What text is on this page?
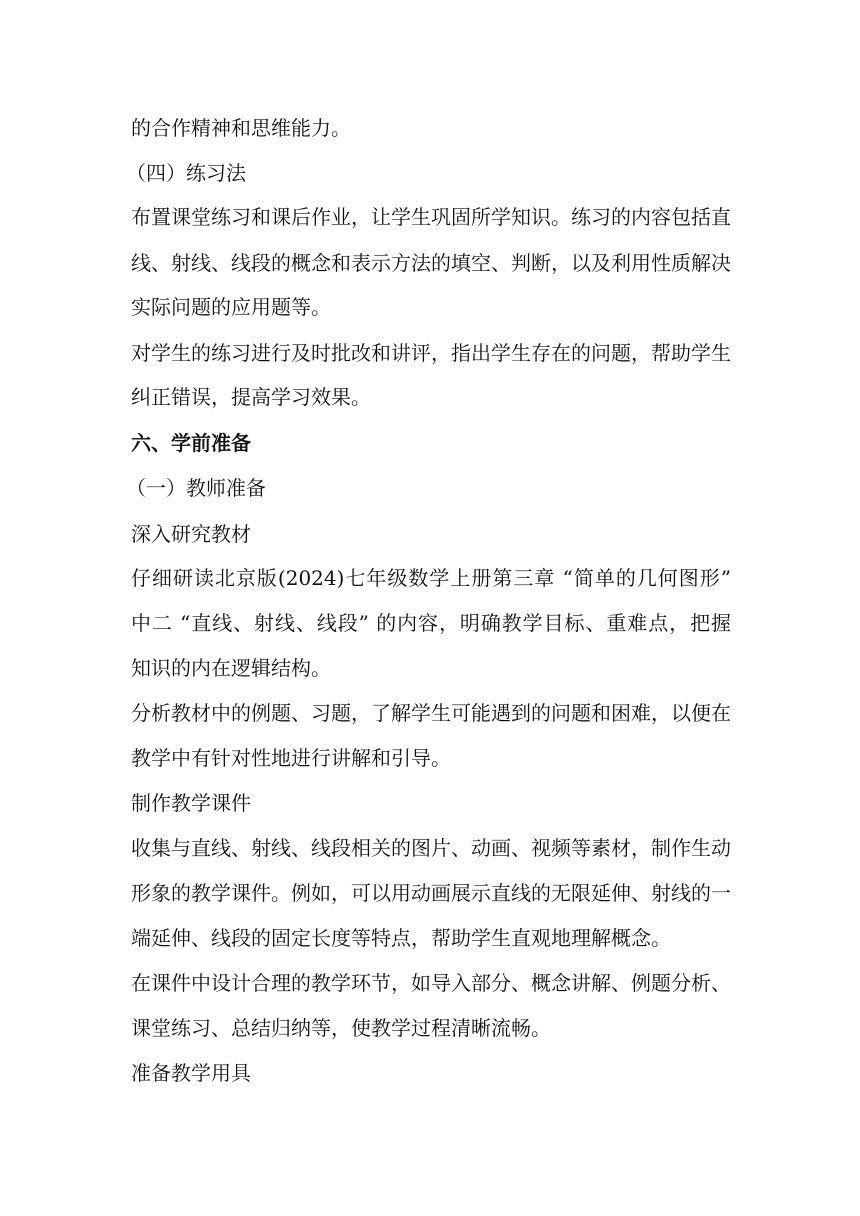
的合作精神和思维能力。
（四）练习法
布置课堂练习和课后作业，让学生巩固所学知识。练习的内容包括直
线、射线、线段的概念和表示方法的填空、判断，以及利用性质解决
实际问题的应用题等。
对学生的练习进行及时批改和讲评，指出学生存在的问题，帮助学生
纠正错误，提高学习效果。
六、学前准备
（一）教师准备
深入研究教材
仔细研读北京版(2024)七年级数学上册第三章 “简单的几何图形”
中二 “直线、射线、线段” 的内容，明确教学目标、重难点，把握
知识的内在逻辑结构。
分析教材中的例题、习题，了解学生可能遇到的问题和困难，以便在
教学中有针对性地进行讲解和引导。
制作教学课件
收集与直线、射线、线段相关的图片、动画、视频等素材，制作生动
形象的教学课件。例如，可以用动画展示直线的无限延伸、射线的一
端延伸、线段的固定长度等特点，帮助学生直观地理解概念。
在课件中设计合理的教学环节，如导入部分、概念讲解、例题分析、
课堂练习、总结归纳等，使教学过程清晰流畅。
准备教学用具
